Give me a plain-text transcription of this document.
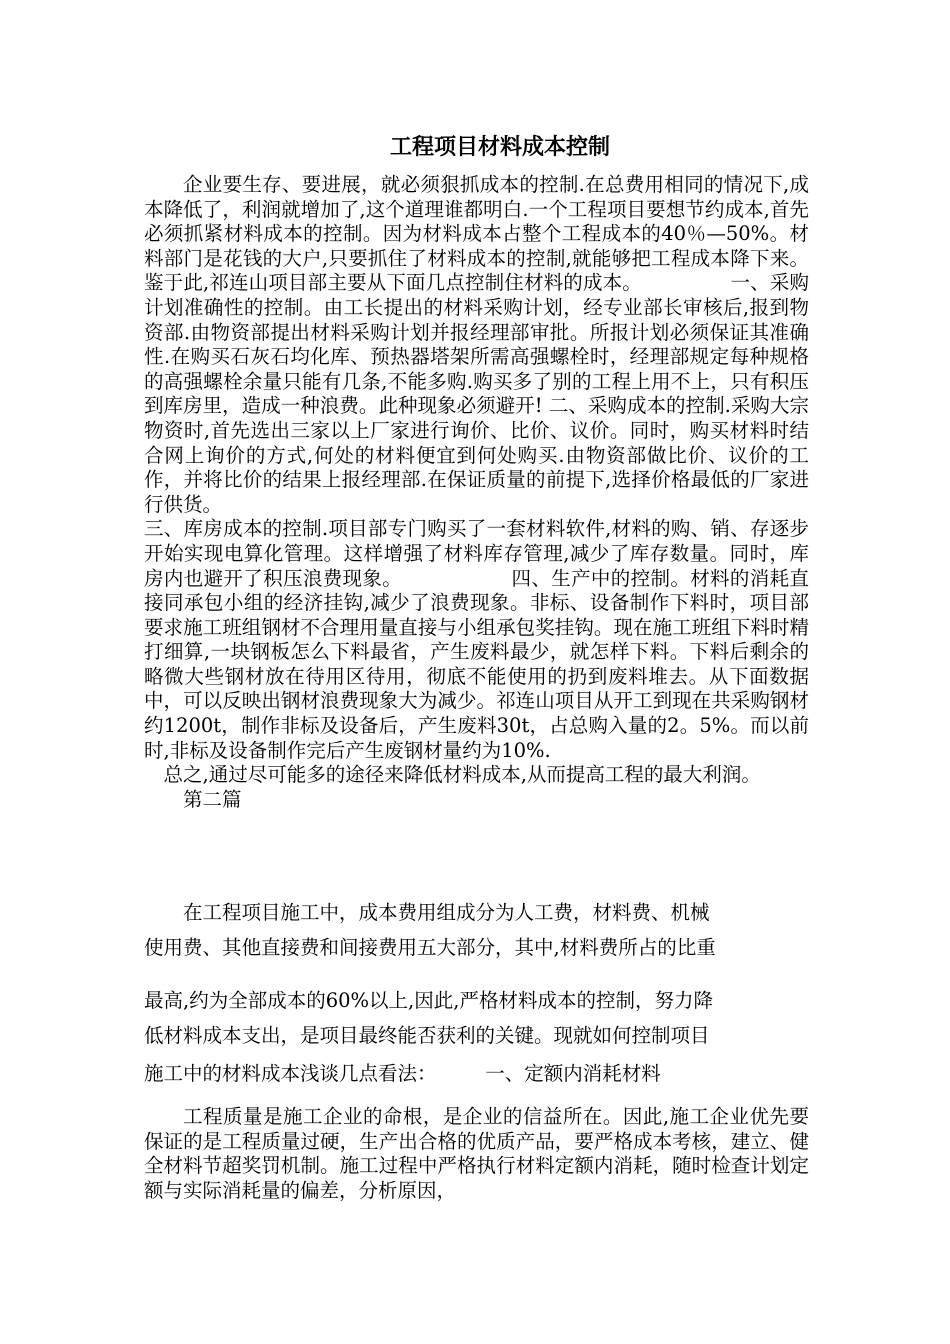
工程项目材料成本控制

企业要生存、要进展，就必须狠抓成本的控制.在总费用相同的情况下,成本降低了，利润就增加了,这个道理谁都明白.一个工程项目要想节约成本,首先必须抓紧材料成本的控制。因为材料成本占整个工程成本的40％—50%。材料部门是花钱的大户,只要抓住了材料成本的控制,就能够把工程成本降下来。鉴于此,祁连山项目部主要从下面几点控制住材料的成本。　　　　　一、采购计划准确性的控制。由工长提出的材料采购计划，经专业部长审核后,报到物资部.由物资部提出材料采购计划并报经理部审批。所报计划必须保证其准确性.在购买石灰石均化库、预热器塔架所需高强螺栓时，经理部规定每种规格的高强螺栓余量只能有几条,不能多购.购买多了别的工程上用不上，只有积压到库房里，造成一种浪费。此种现象必须避开! 二、采购成本的控制.采购大宗物资时,首先选出三家以上厂家进行询价、比价、议价。同时，购买材料时结合网上询价的方式,何处的材料便宜到何处购买.由物资部做比价、议价的工作，并将比价的结果上报经理部.在保证质量的前提下,选择价格最低的厂家进行供货。

三、库房成本的控制.项目部专门购买了一套材料软件,材料的购、销、存逐步开始实现电算化管理。这样增强了材料库存管理,减少了库存数量。同时，库房内也避开了积压浪费现象。　　　　　　四、生产中的控制。材料的消耗直接同承包小组的经济挂钩,减少了浪费现象。非标、设备制作下料时，项目部要求施工班组钢材不合理用量直接与小组承包奖挂钩。现在施工班组下料时精打细算,一块钢板怎么下料最省，产生废料最少，就怎样下料。下料后剩余的略微大些钢材放在待用区待用，彻底不能使用的扔到废料堆去。从下面数据中，可以反映出钢材浪费现象大为减少。祁连山项目从开工到现在共采购钢材约1200t，制作非标及设备后，产生废料30t，占总购入量的2。5%。而以前时,非标及设备制作完后产生废钢材量约为10%.

　总之,通过尽可能多的途径来降低材料成本,从而提高工程的最大利润。

第二篇

在工程项目施工中，成本费用组成分为人工费，材料费、机械
使用费、其他直接费和间接费用五大部分，其中,材料费所占的比重
最高,约为全部成本的60%以上,因此,严格材料成本的控制，努力降
低材料成本支出，是项目最终能否获利的关键。现就如何控制项目
施工中的材料成本浅谈几点看法：　　　一、定额内消耗材料

工程质量是施工企业的命根，是企业的信益所在。因此,施工企业优先要保证的是工程质量过硬，生产出合格的优质产品，要严格成本考核，建立、健全材料节超奖罚机制。施工过程中严格执行材料定额内消耗，随时检查计划定额与实际消耗量的偏差，分析原因，
